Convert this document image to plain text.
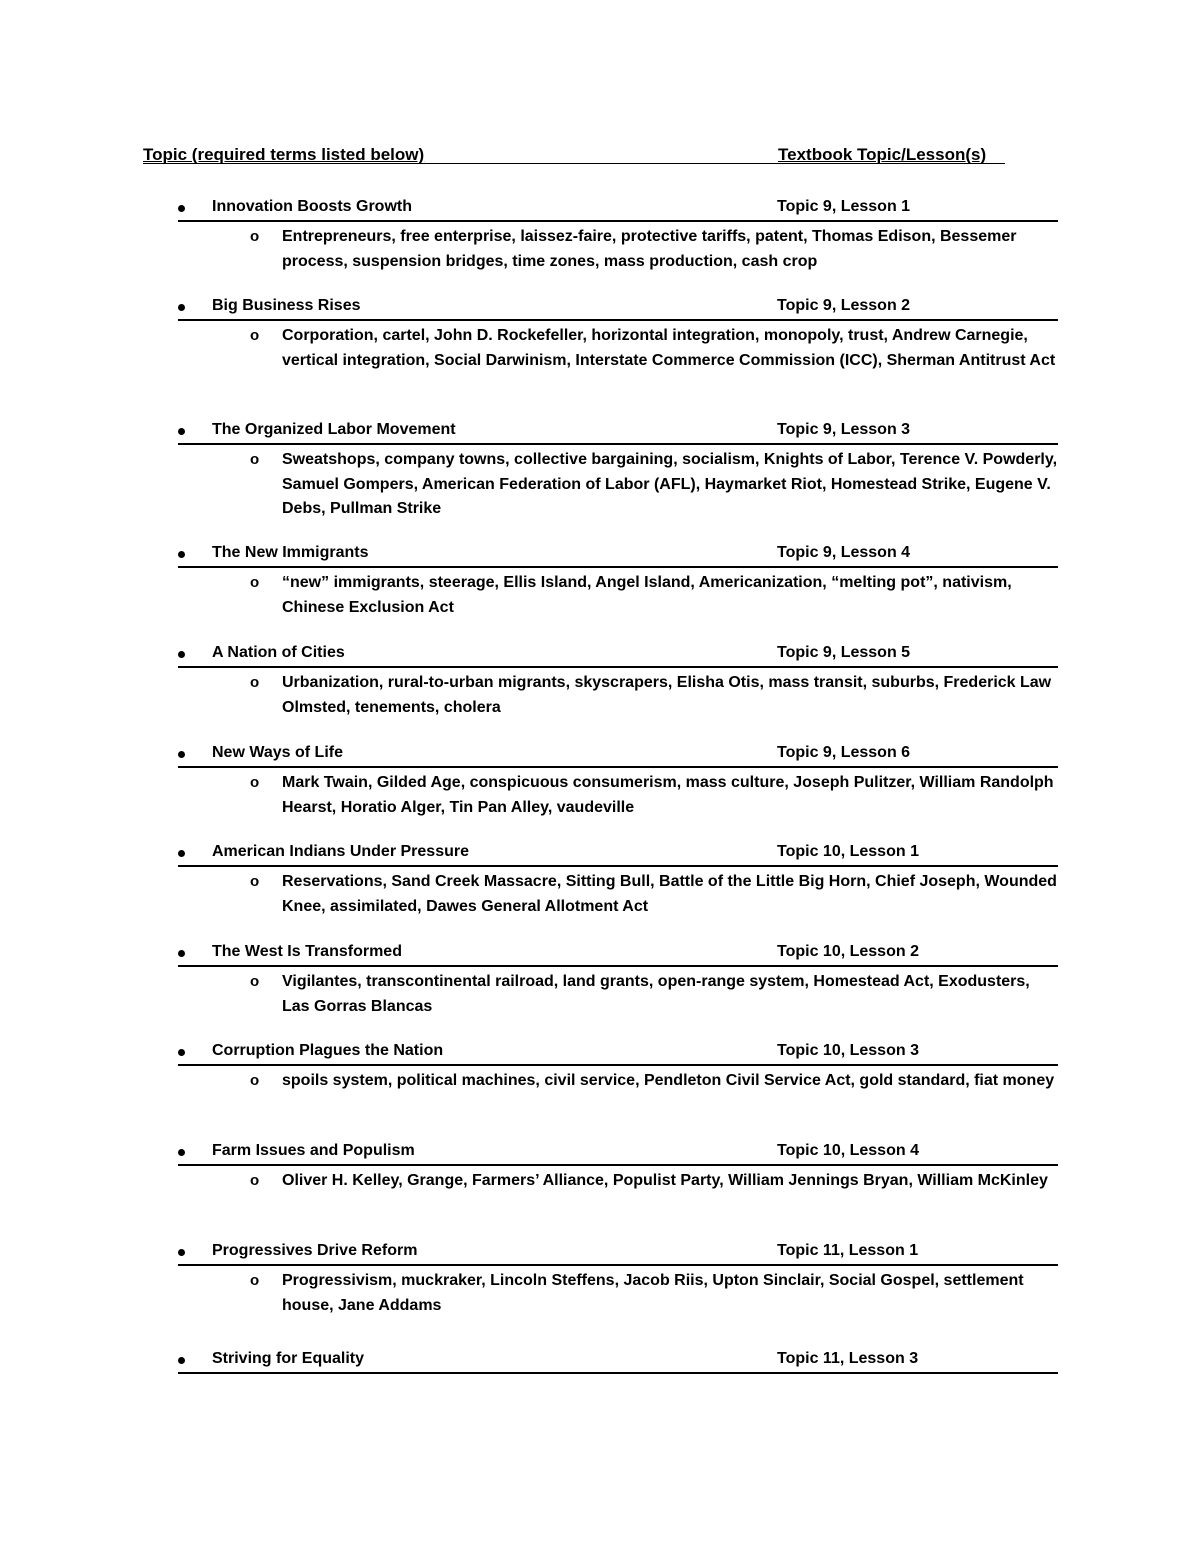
Topic (required terms listed below)	Textbook Topic/Lesson(s)
Innovation Boosts Growth	Topic 9, Lesson 1
o Entrepreneurs, free enterprise, laissez-faire, protective tariffs, patent, Thomas Edison, Bessemer process, suspension bridges, time zones, mass production, cash crop
Big Business Rises	Topic 9, Lesson 2
o Corporation, cartel, John D. Rockefeller, horizontal integration, monopoly, trust, Andrew Carnegie, vertical integration, Social Darwinism, Interstate Commerce Commission (ICC), Sherman Antitrust Act
The Organized Labor Movement	Topic 9, Lesson 3
o Sweatshops, company towns, collective bargaining, socialism, Knights of Labor, Terence V. Powderly, Samuel Gompers, American Federation of Labor (AFL), Haymarket Riot, Homestead Strike, Eugene V. Debs, Pullman Strike
The New Immigrants	Topic 9, Lesson 4
o “new” immigrants, steerage, Ellis Island, Angel Island, Americanization, “melting pot”, nativism, Chinese Exclusion Act
A Nation of Cities	Topic 9, Lesson 5
o Urbanization, rural-to-urban migrants, skyscrapers, Elisha Otis, mass transit, suburbs, Frederick Law Olmsted, tenements, cholera
New Ways of Life	Topic 9, Lesson 6
o Mark Twain, Gilded Age, conspicuous consumerism, mass culture, Joseph Pulitzer, William Randolph Hearst, Horatio Alger, Tin Pan Alley, vaudeville
American Indians Under Pressure	Topic 10, Lesson 1
o Reservations, Sand Creek Massacre, Sitting Bull, Battle of the Little Big Horn, Chief Joseph, Wounded Knee, assimilated, Dawes General Allotment Act
The West Is Transformed	Topic 10, Lesson 2
o Vigilantes, transcontinental railroad, land grants, open-range system, Homestead Act, Exodusters, Las Gorras Blancas
Corruption Plagues the Nation	Topic 10, Lesson 3
o spoils system, political machines, civil service, Pendleton Civil Service Act, gold standard, fiat money
Farm Issues and Populism	Topic 10, Lesson 4
o Oliver H. Kelley, Grange, Farmers’ Alliance, Populist Party, William Jennings Bryan, William McKinley
Progressives Drive Reform	Topic 11, Lesson 1
o Progressivism, muckraker, Lincoln Steffens, Jacob Riis, Upton Sinclair, Social Gospel, settlement house, Jane Addams
Striving for Equality	Topic 11, Lesson 3
